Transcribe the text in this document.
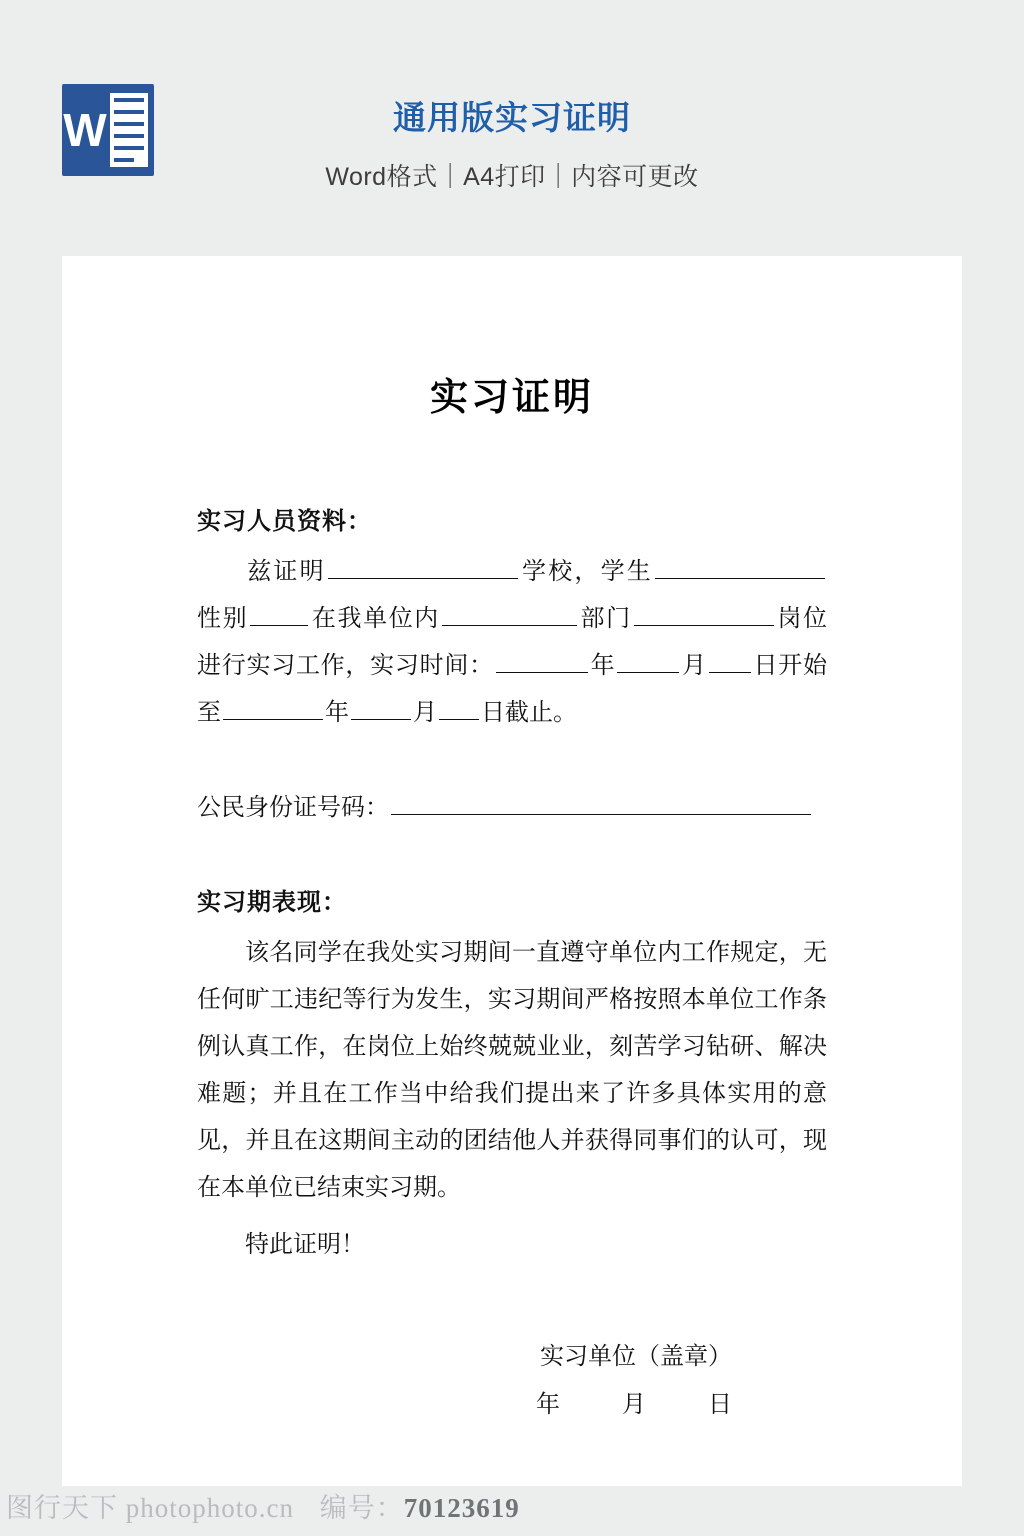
W	通用版实习证明
Word格式｜A4打印｜内容可更改
实习证明
实习人员资料：
兹证明	学校，学生性别	在我单位内	部门	岗位进行实习工作，实习时间：	年	月 日开始至	年	月 日截止。
公民身份证号码：
实习期表现：
该名同学在我处实习期间一直遵守单位内工作规定，无任何旷工违纪等行为发生，实习期间严格按照本单位工作条例认真工作，在岗位上始终兢兢业业，刻苦学习钻研、解决难题；并且在工作当中给我们提出来了许多具体实用的意见，并且在这期间主动的团结他人并获得同事们的认可，现在本单位已结束实习期。
特此证明！
实习单位（盖章）
年	月	日
图行天下 photophoto.cn 编号：70123619
